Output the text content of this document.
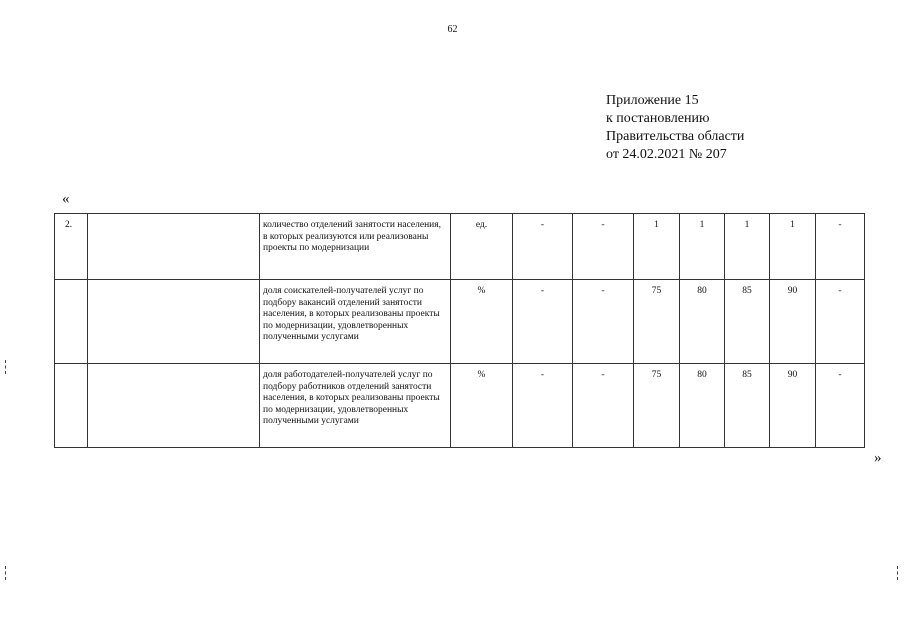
62
Приложение 15
к постановлению
Правительства области
от 24.02.2021 № 207
«
2.		количество отделений занятости населения, в которых реализуются или реализованы проекты по модернизации	ед.	-	-	1	1	1	1	-
		доля соискателей-получателей услуг по подбору вакансий отделений занятости населения, в которых реализованы проекты по модернизации, удовлетворенных полученными услугами	%	-	-	75	80	85	90	-
		доля работодателей-получателей услуг по подбору работников отделений занятости населения, в которых реализованы проекты по модернизации, удовлетворенных полученными услугами	%	-	-	75	80	85	90	-
»
